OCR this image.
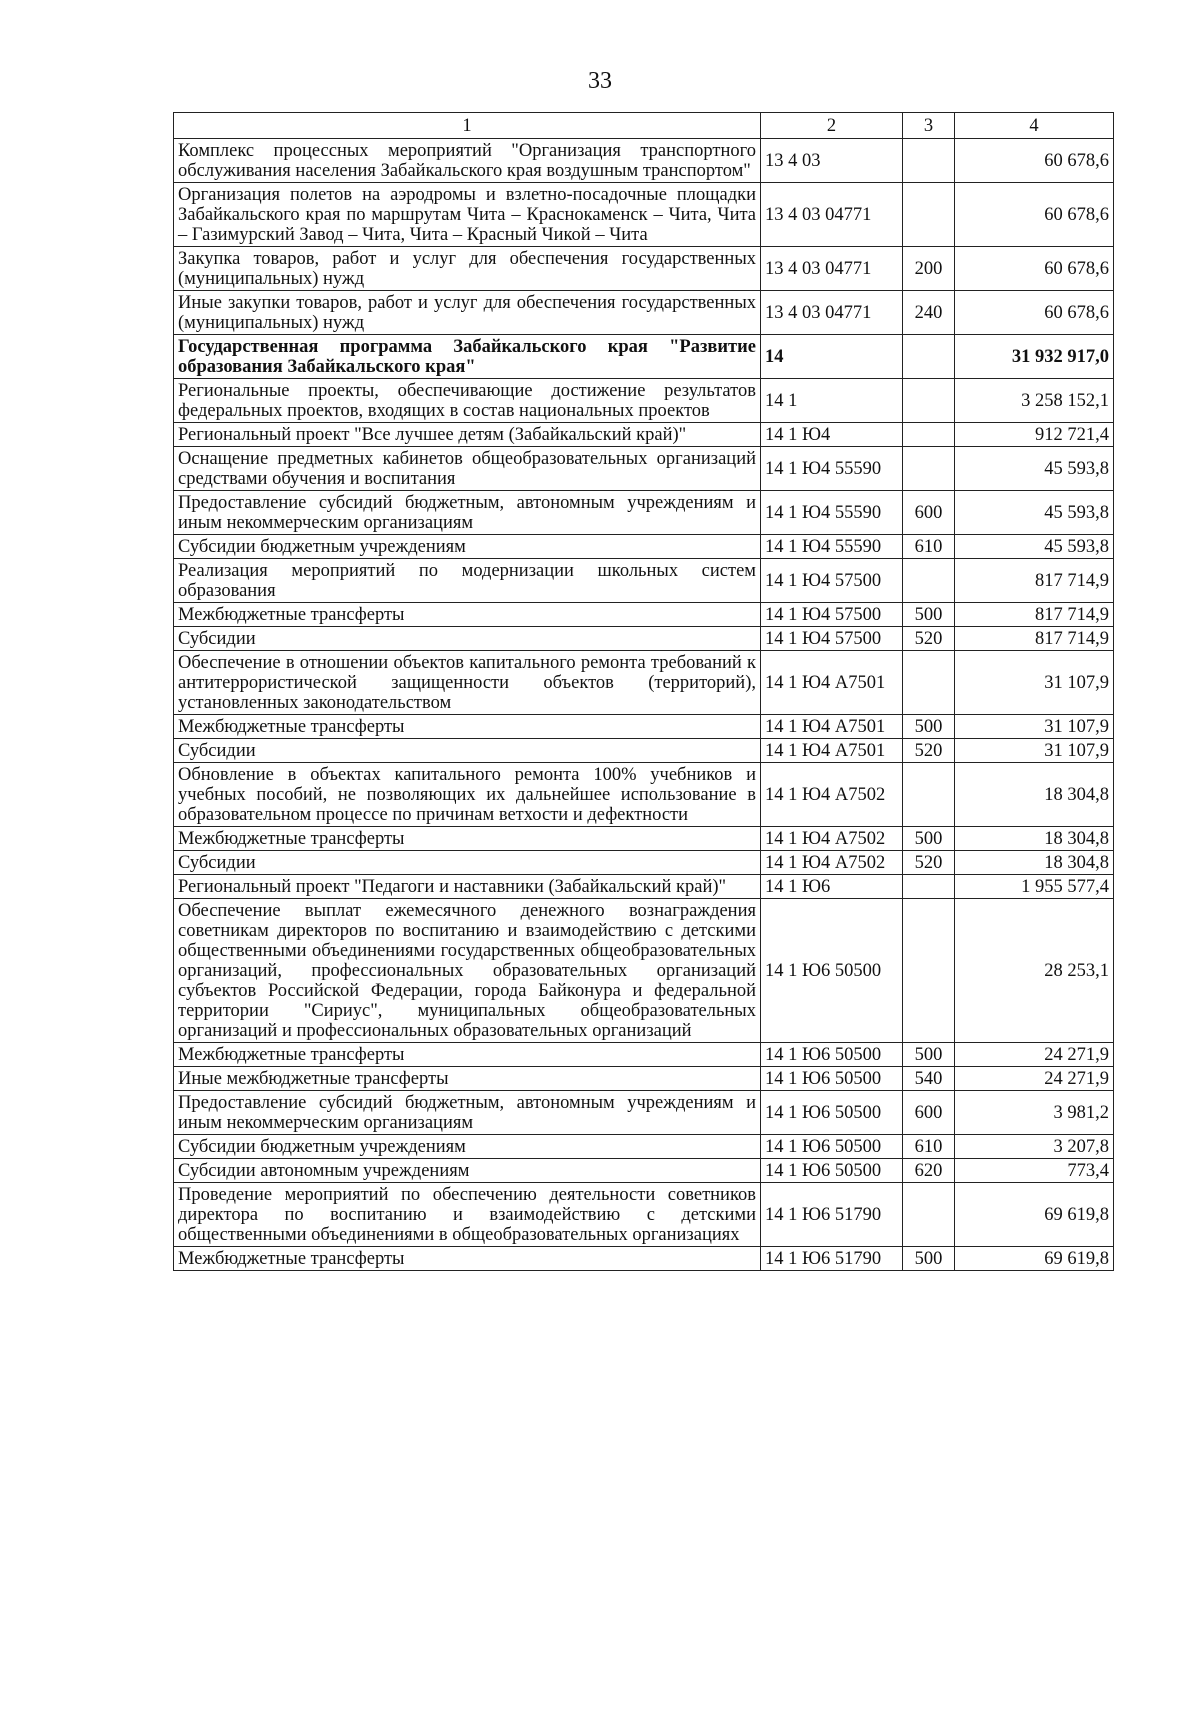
33
1	2	3	4
Комплекс процессных мероприятий "Организация транспортного обслуживания населения Забайкальского края воздушным транспортом"	13 4 03		60 678,6
Организация полетов на аэродромы и взлетно-посадочные площадки Забайкальского края по маршрутам Чита – Краснокаменск – Чита, Чита – Газимурский Завод – Чита, Чита – Красный Чикой – Чита	13 4 03 04771		60 678,6
Закупка товаров, работ и услуг для обеспечения государственных (муниципальных) нужд	13 4 03 04771	200	60 678,6
Иные закупки товаров, работ и услуг для обеспечения государственных (муниципальных) нужд	13 4 03 04771	240	60 678,6
Государственная программа Забайкальского края "Развитие образования Забайкальского края"	14		31 932 917,0
Региональные проекты, обеспечивающие достижение результатов федеральных проектов, входящих в состав национальных проектов	14 1		3 258 152,1
Региональный проект "Все лучшее детям (Забайкальский край)"	14 1 Ю4		912 721,4
Оснащение предметных кабинетов общеобразовательных организаций средствами обучения и воспитания	14 1 Ю4 55590		45 593,8
Предоставление субсидий бюджетным, автономным учреждениям и иным некоммерческим организациям	14 1 Ю4 55590	600	45 593,8
Субсидии бюджетным учреждениям	14 1 Ю4 55590	610	45 593,8
Реализация мероприятий по модернизации школьных систем образования	14 1 Ю4 57500		817 714,9
Межбюджетные трансферты	14 1 Ю4 57500	500	817 714,9
Субсидии	14 1 Ю4 57500	520	817 714,9
Обеспечение в отношении объектов капитального ремонта требований к антитеррористической защищенности объектов (территорий), установленных законодательством	14 1 Ю4 А7501		31 107,9
Межбюджетные трансферты	14 1 Ю4 А7501	500	31 107,9
Субсидии	14 1 Ю4 А7501	520	31 107,9
Обновление в объектах капитального ремонта 100% учебников и учебных пособий, не позволяющих их дальнейшее использование в образовательном процессе по причинам ветхости и дефектности	14 1 Ю4 А7502		18 304,8
Межбюджетные трансферты	14 1 Ю4 А7502	500	18 304,8
Субсидии	14 1 Ю4 А7502	520	18 304,8
Региональный проект "Педагоги и наставники (Забайкальский край)"	14 1 Ю6		1 955 577,4
Обеспечение выплат ежемесячного денежного вознаграждения советникам директоров по воспитанию и взаимодействию с детскими общественными объединениями государственных общеобразовательных организаций, профессиональных образовательных организаций субъектов Российской Федерации, города Байконура и федеральной территории "Сириус", муниципальных общеобразовательных организаций и профессиональных образовательных организаций	14 1 Ю6 50500		28 253,1
Межбюджетные трансферты	14 1 Ю6 50500	500	24 271,9
Иные межбюджетные трансферты	14 1 Ю6 50500	540	24 271,9
Предоставление субсидий бюджетным, автономным учреждениям и иным некоммерческим организациям	14 1 Ю6 50500	600	3 981,2
Субсидии бюджетным учреждениям	14 1 Ю6 50500	610	3 207,8
Субсидии автономным учреждениям	14 1 Ю6 50500	620	773,4
Проведение мероприятий по обеспечению деятельности советников директора по воспитанию и взаимодействию с детскими общественными объединениями в общеобразовательных организациях	14 1 Ю6 51790		69 619,8
Межбюджетные трансферты	14 1 Ю6 51790	500	69 619,8
